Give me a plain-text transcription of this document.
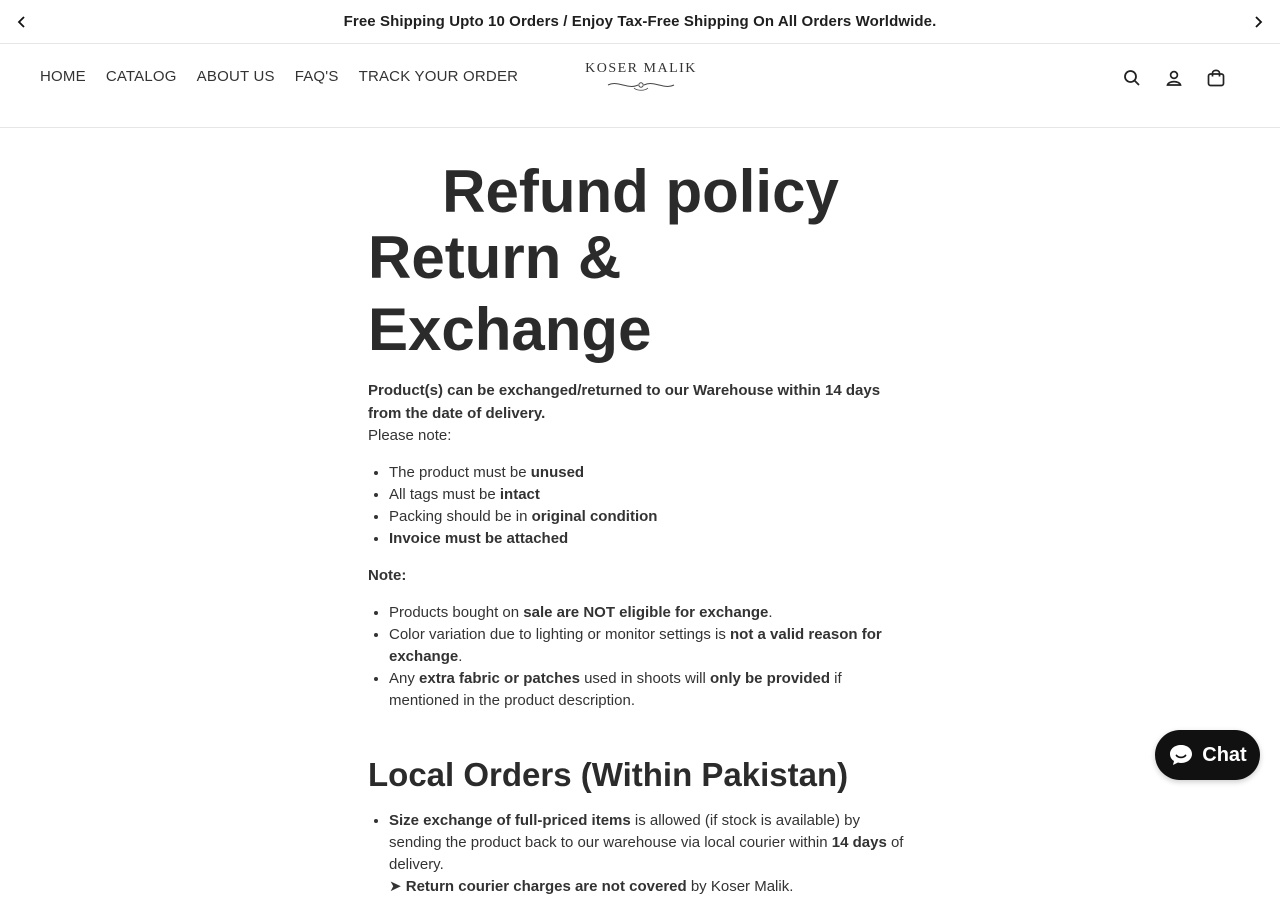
Free Shipping Upto 10 Orders / Enjoy Tax-Free Shipping On All Orders Worldwide.
HOME CATALOG ABOUT US FAQ'S TRACK YOUR ORDER	KOSER MALIK
Refund policy
Return & Exchange

Product(s) can be exchanged/returned to our Warehouse within 14 days from the date of delivery.

Please note:

• The product must be unused
• All tags must be intact
• Packing should be in original condition
• Invoice must be attached

Note:

• Products bought on sale are NOT eligible for exchange.
• Color variation due to lighting or monitor settings is not a valid reason for exchange.
• Any extra fabric or patches used in shoots will only be provided if mentioned in the product description.
Local Orders (Within Pakistan)
• Size exchange of full-priced items is allowed (if stock is available) by sending the product back to our warehouse via local courier within 14 days of delivery.
➤ Return courier charges are not covered by Koser Malik.
Chat
